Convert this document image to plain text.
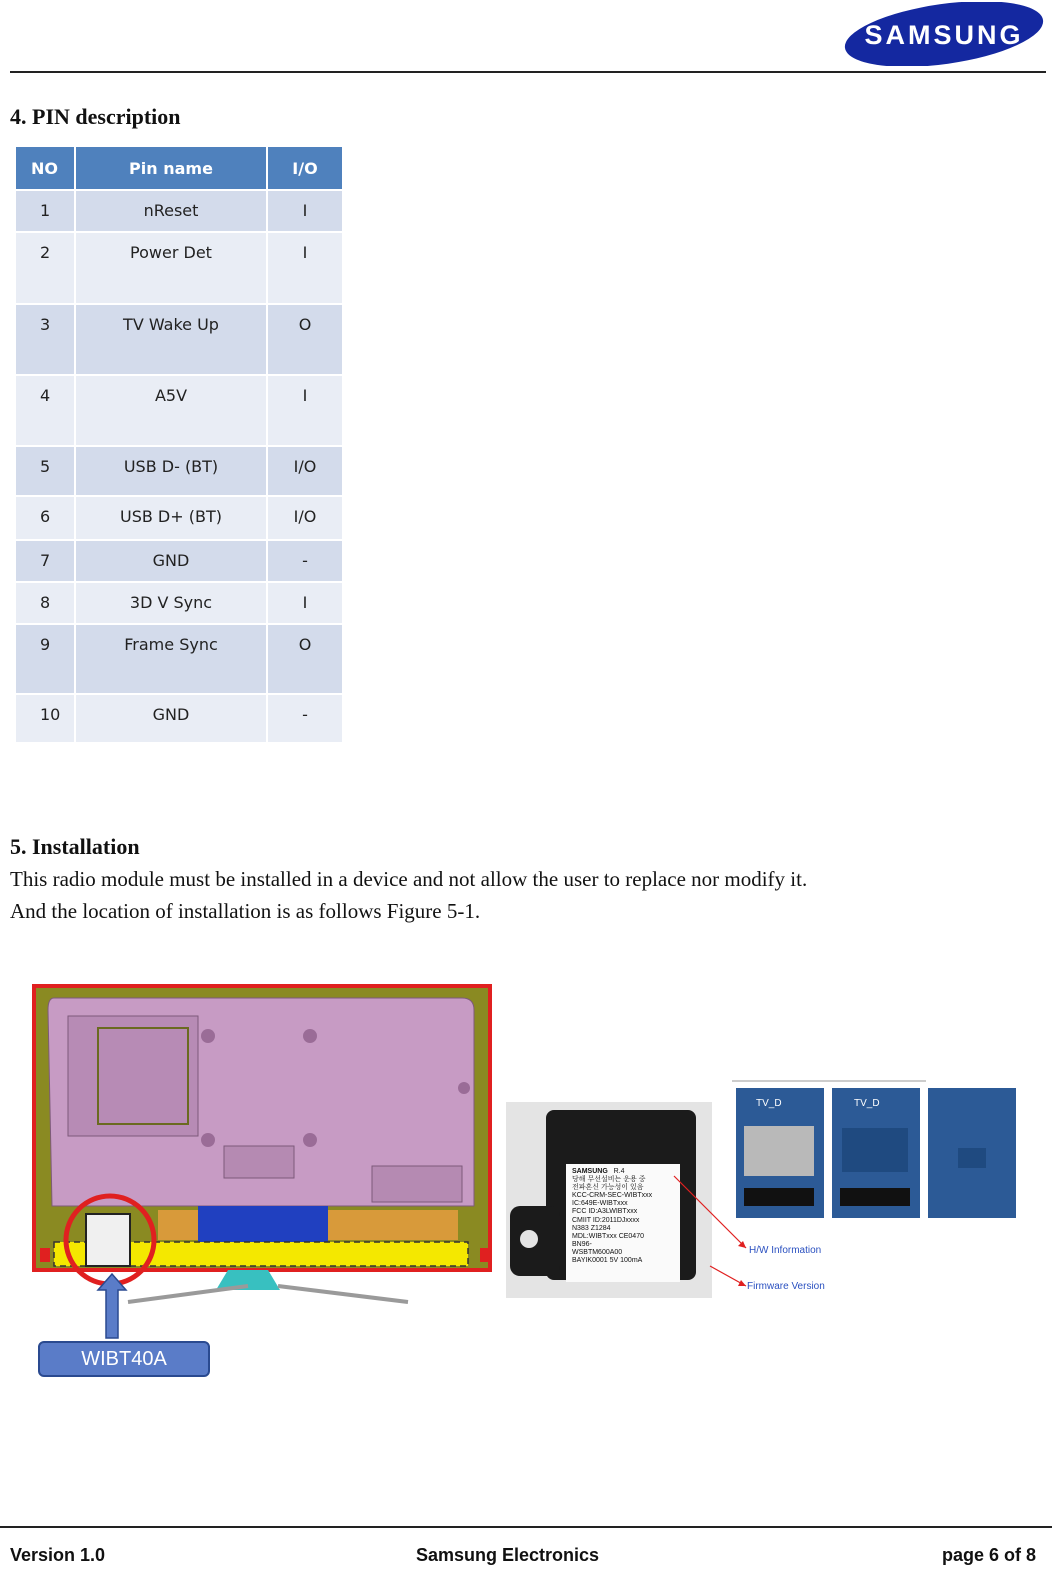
SAMSUNG
4. PIN description
NO	Pin name	I/O
1	nReset	I
2	Power Det	I
3	TV Wake Up	O
4	A5V	I
5	USB D- (BT)	I/O
6	USB D+ (BT)	I/O
7	GND	-
8	3D V Sync	I
9	Frame Sync	O
10	GND	-
5. Installation
This radio module must be installed in a device and not allow the user to replace nor modify it.
And the location of installation is as follows Figure 5-1.
WIBT40A
SAMSUNG R.4
당해 무선설비는 운용 중
전파혼신 가능성이 있음
KCC-CRM-SEC-WIBTxxx
IC:649E-WIBTxxx
FCC ID:A3LWIBTxxx
CMIIT ID:2011DJxxxx
N383 Z1284
MDL:WIBTxxx CE0470
BN96-
WSBTM600A00
BAYIK0001 5V 100mA
H/W Information
Firmware Version
TV_D	TV_D
Version 1.0	Samsung Electronics	page 6 of 8
